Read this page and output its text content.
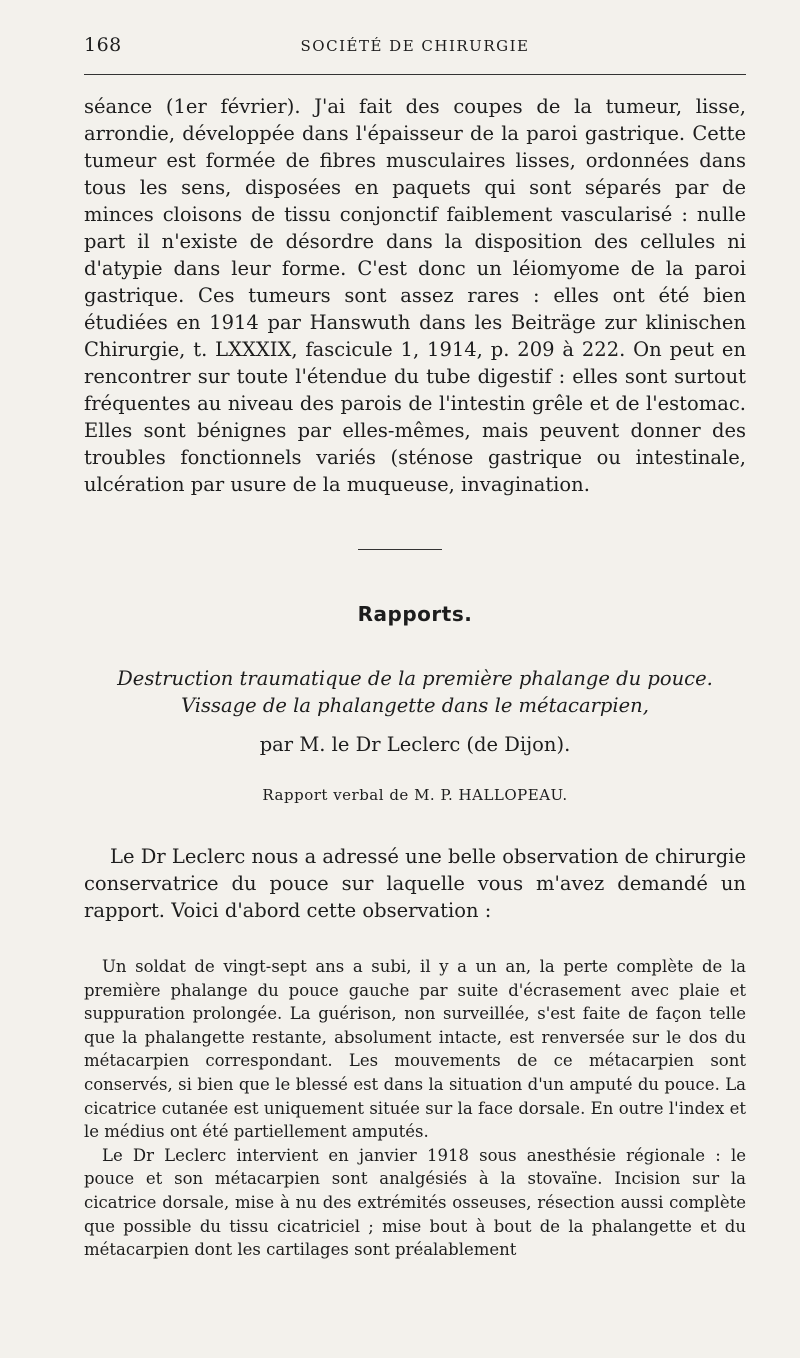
168	SOCIÉTÉ DE CHIRURGIE

séance (1er février). J'ai fait des coupes de la tumeur, lisse, arrondie, développée dans l'épaisseur de la paroi gastrique. Cette tumeur est formée de fibres musculaires lisses, ordonnées dans tous les sens, disposées en paquets qui sont séparés par de minces cloisons de tissu conjonctif faiblement vascularisé : nulle part il n'existe de désordre dans la disposition des cellules ni d'atypie dans leur forme. C'est donc un léiomyome de la paroi gastrique. Ces tumeurs sont assez rares : elles ont été bien étudiées en 1914 par Hanswuth dans les Beiträge zur klinischen Chirurgie, t. LXXXIX, fascicule 1, 1914, p. 209 à 222. On peut en rencontrer sur toute l'étendue du tube digestif : elles sont surtout fréquentes au niveau des parois de l'intestin grêle et de l'estomac. Elles sont bénignes par elles-mêmes, mais peuvent donner des troubles fonctionnels variés (sténose gastrique ou intestinale, ulcération par usure de la muqueuse, invagination.

Rapports.
Destruction traumatique de la première phalange du pouce.
Vissage de la phalangette dans le métacarpien,
par M. le Dr Leclerc (de Dijon).
Rapport verbal de M. P. HALLOPEAU.

Le Dr Leclerc nous a adressé une belle observation de chirurgie conservatrice du pouce sur laquelle vous m'avez demandé un rapport. Voici d'abord cette observation :

Un soldat de vingt-sept ans a subi, il y a un an, la perte complète de la première phalange du pouce gauche par suite d'écrasement avec plaie et suppuration prolongée. La guérison, non surveillée, s'est faite de façon telle que la phalangette restante, absolument intacte, est renversée sur le dos du métacarpien correspondant. Les mouvements de ce métacarpien sont conservés, si bien que le blessé est dans la situation d'un amputé du pouce. La cicatrice cutanée est uniquement située sur la face dorsale. En outre l'index et le médius ont été partiellement amputés.

Le Dr Leclerc intervient en janvier 1918 sous anesthésie régionale : le pouce et son métacarpien sont analgésiés à la stovaïne. Incision sur la cicatrice dorsale, mise à nu des extrémités osseuses, résection aussi complète que possible du tissu cicatriciel ; mise bout à bout de la phalangette et du métacarpien dont les cartilages sont préalablement
